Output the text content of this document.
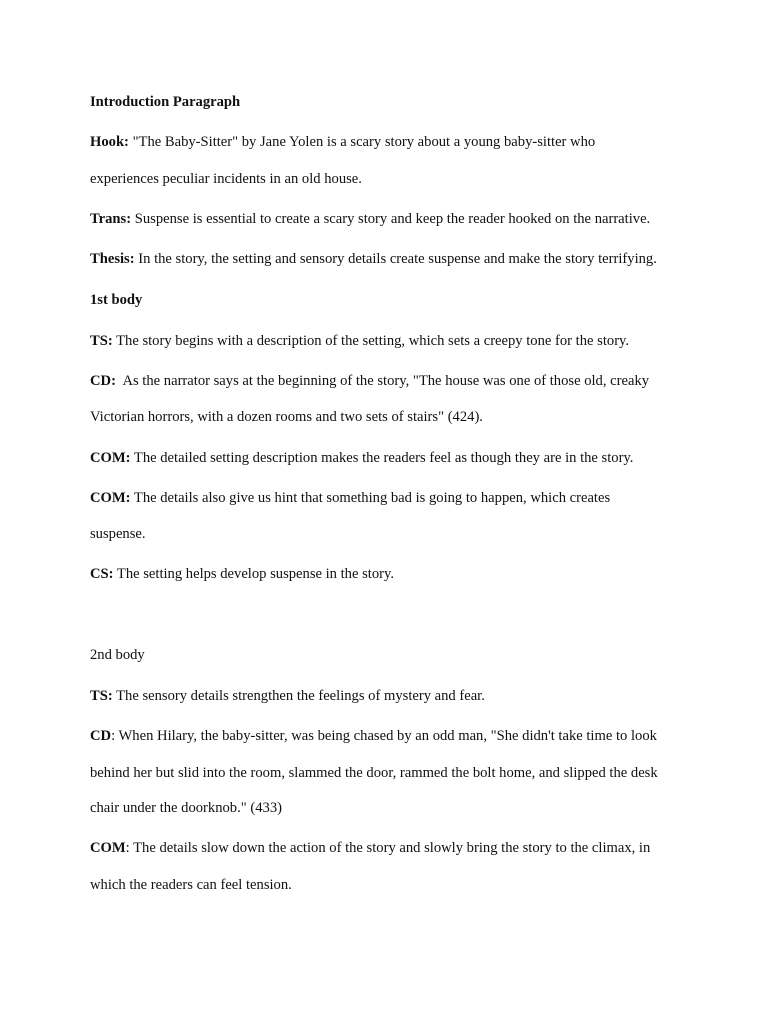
Introduction Paragraph
Hook: "The Baby-Sitter" by Jane Yolen is a scary story about a young baby-sitter who
experiences peculiar incidents in an old house.
Trans: Suspense is essential to create a scary story and keep the reader hooked on the narrative.
Thesis: In the story, the setting and sensory details create suspense and make the story terrifying.
1st body
TS: The story begins with a description of the setting, which sets a creepy tone for the story.
CD:  As the narrator says at the beginning of the story, "The house was one of those old, creaky
Victorian horrors, with a dozen rooms and two sets of stairs" (424).
COM: The detailed setting description makes the readers feel as though they are in the story.
COM: The details also give us hint that something bad is going to happen, which creates
suspense.
CS: The setting helps develop suspense in the story.
2nd body
TS: The sensory details strengthen the feelings of mystery and fear.
CD: When Hilary, the baby-sitter, was being chased by an odd man, "She didn't take time to look
behind her but slid into the room, slammed the door, rammed the bolt home, and slipped the desk
chair under the doorknob." (433)
COM: The details slow down the action of the story and slowly bring the story to the climax, in
which the readers can feel tension.
